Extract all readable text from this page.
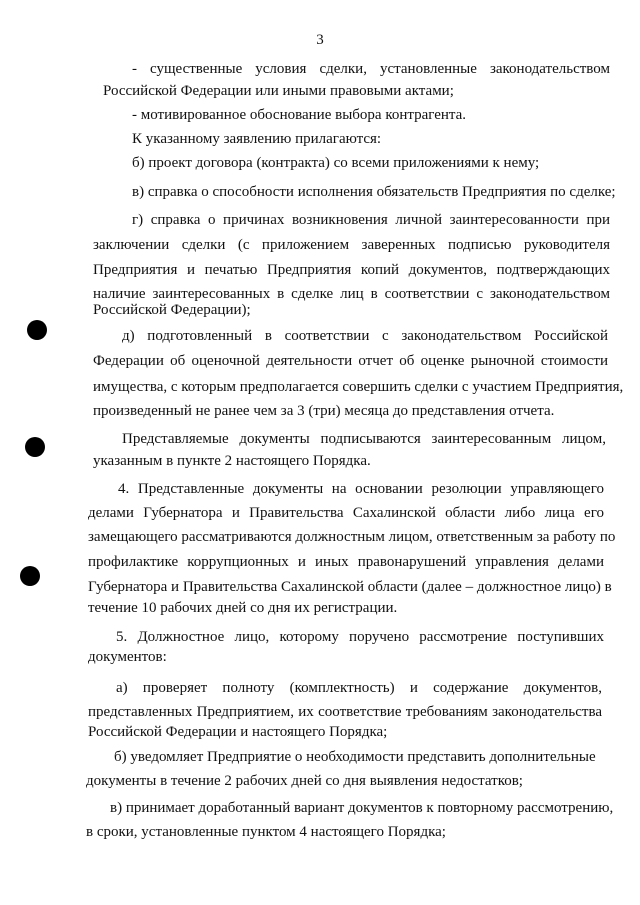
3
- существенные условия сделки, установленные законодательством
Российской Федерации или иными правовыми актами;
- мотивированное обоснование выбора контрагента.
К указанному заявлению прилагаются:
б) проект договора (контракта) со всеми приложениями к нему;
в) справка о способности исполнения обязательств Предприятия по сделке;
г) справка о причинах возникновения личной заинтересованности при
заключении сделки (с приложением заверенных подписью руководителя
Предприятия и печатью Предприятия копий документов, подтверждающих
наличие заинтересованных в сделке лиц в соответствии с законодательством
Российской Федерации);
д) подготовленный в соответствии с законодательством Российской
Федерации об оценочной деятельности отчет об оценке рыночной стоимости
имущества, с которым предполагается совершить сделки с участием Предприятия,
произведенный не ранее чем за 3 (три) месяца до представления отчета.
Представляемые документы подписываются заинтересованным лицом,
указанным в пункте 2 настоящего Порядка.
4. Представленные документы на основании резолюции управляющего
делами Губернатора и Правительства Сахалинской области либо лица его
замещающего рассматриваются должностным лицом, ответственным за работу по
профилактике коррупционных и иных правонарушений управления делами
Губернатора и Правительства Сахалинской области (далее – должностное лицо) в
течение 10 рабочих дней со дня их регистрации.
5. Должностное лицо, которому поручено рассмотрение поступивших
документов:
а) проверяет полноту (комплектность) и содержание документов,
представленных Предприятием, их соответствие требованиям законодательства
Российской Федерации и настоящего Порядка;
б) уведомляет Предприятие о необходимости представить дополнительные
документы в течение 2 рабочих дней со дня выявления недостатков;
в) принимает доработанный вариант документов к повторному рассмотрению,
в сроки, установленные пунктом 4 настоящего Порядка;
